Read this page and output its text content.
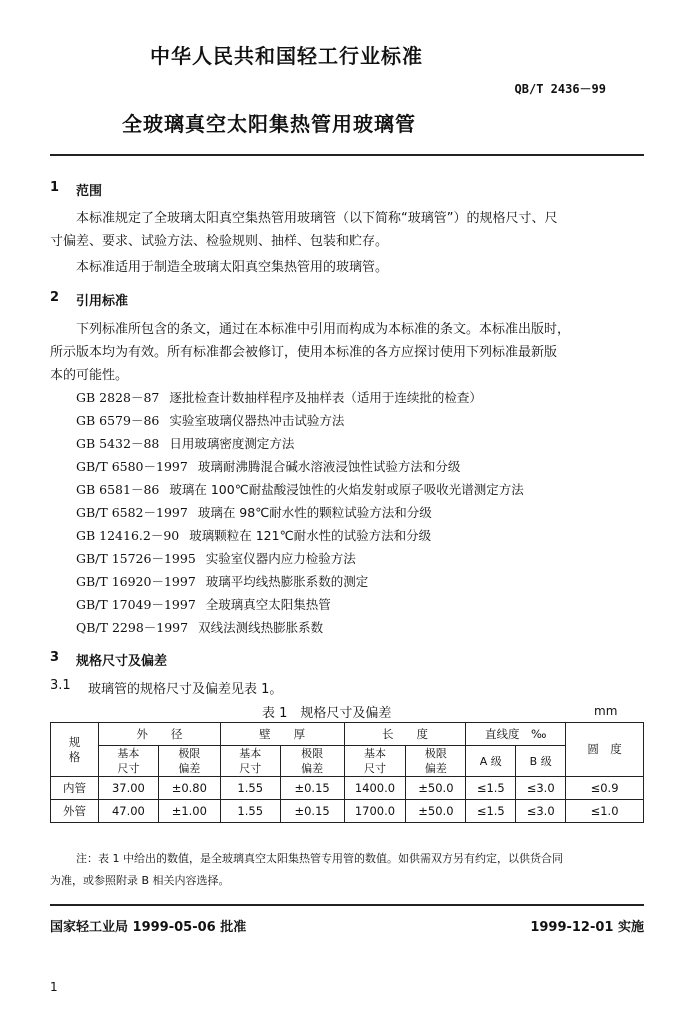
中华人民共和国轻工行业标准
QB/T 2436－99
全玻璃真空太阳集热管用玻璃管
1 范围
本标准规定了全玻璃太阳真空集热管用玻璃管（以下简称“玻璃管”）的规格尺寸、尺
寸偏差、要求、试验方法、检验规则、抽样、包装和贮存。
本标准适用于制造全玻璃太阳真空集热管用的玻璃管。
2 引用标准
下列标准所包含的条文，通过在本标准中引用而构成为本标准的条文。本标准出版时，
所示版本均为有效。所有标准都会被修订，使用本标准的各方应探讨使用下列标准最新版
本的可能性。
GB 2828－87 逐批检查计数抽样程序及抽样表（适用于连续批的检查）
GB 6579－86 实验室玻璃仪器热冲击试验方法
GB 5432－88 日用玻璃密度测定方法
GB/T 6580－1997 玻璃耐沸腾混合碱水溶液浸蚀性试验方法和分级
GB 6581－86 玻璃在 100℃耐盐酸浸蚀性的火焰发射或原子吸收光谱测定方法
GB/T 6582－1997 玻璃在 98℃耐水性的颗粒试验方法和分级
GB 12416.2－90 玻璃颗粒在 121℃耐水性的试验方法和分级
GB/T 15726－1995 实验室仪器内应力检验方法
GB/T 16920－1997 玻璃平均线热膨胀系数的测定
GB/T 17049－1997 全玻璃真空太阳集热管
QB/T 2298－1997 双线法测线热膨胀系数
3 规格尺寸及偏差
3.1 玻璃管的规格尺寸及偏差见表 1。
表 1　规格尺寸及偏差	mm
规格	外　　径		壁　　厚		长　　度		直线度　‰		圆　度
	基本尺寸	极限偏差	基本尺寸	极限偏差	基本尺寸	极限偏差			
							A 级	B 级	
内管	37.00	±0.80	1.55	±0.15	1400.0	±50.0	≤1.5	≤3.0	≤0.9
外管	47.00	±1.00	1.55	±0.15	1700.0	±50.0	≤1.5	≤3.0	≤1.0
注：表 1 中给出的数值，是全玻璃真空太阳集热管专用管的数值。如供需双方另有约定，以供货合同
为准，或参照附录 B 相关内容选择。
国家轻工业局 1999-05-06 批准	1999-12-01 实施
1
